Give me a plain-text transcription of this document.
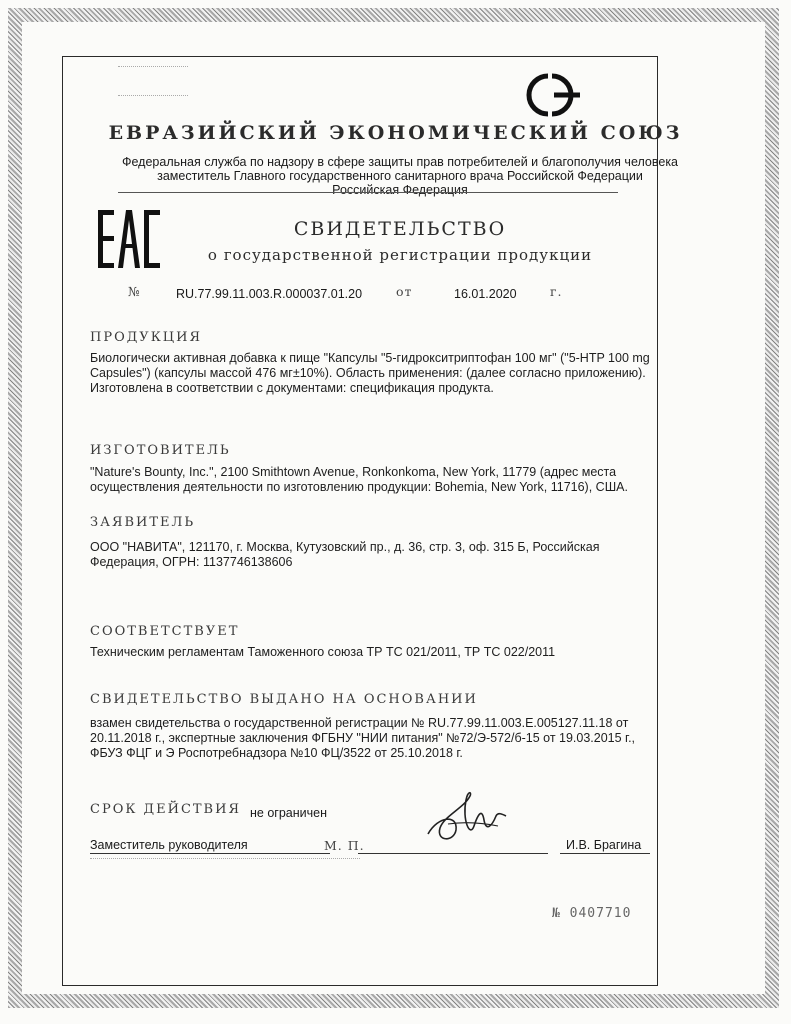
ЕВРАЗИЙСКИЙ ЭКОНОМИЧЕСКИЙ СОЮЗ
Федеральная служба по надзору в сфере защиты прав потребителей и благополучия человека
заместитель Главного государственного санитарного врача Российской Федерации
Российская Федерация
СВИДЕТЕЛЬСТВО
о государственной регистрации продукции
№	RU.77.99.11.003.R.000037.01.20	от	16.01.2020	г.
ПРОДУКЦИЯ
Биологически активная добавка к пище "Капсулы "5-гидрокситриптофан 100 мг" ("5-HTP 100 mg
Capsules") (капсулы массой 476 мг±10%). Область применения: (далее согласно приложению).
Изготовлена в соответствии с документами: спецификация продукта.
ИЗГОТОВИТЕЛЬ
"Nature's Bounty, Inc.", 2100 Smithtown Avenue, Ronkonkoma, New York, 11779 (адрес места
осуществления деятельности по изготовлению продукции: Bohemia, New York, 11716), США.
ЗАЯВИТЕЛЬ
ООО "НАВИТА", 121170, г. Москва, Кутузовский пр., д. 36, стр. 3, оф. 315 Б, Российская
Федерация, ОГРН: 1137746138606
СООТВЕТСТВУЕТ
Техническим регламентам Таможенного союза ТР ТС 021/2011, ТР ТС 022/2011
СВИДЕТЕЛЬСТВО ВЫДАНО НА ОСНОВАНИИ
взамен свидетельства о государственной регистрации № RU.77.99.11.003.E.005127.11.18 от
20.11.2018 г., экспертные заключения ФГБНУ "НИИ питания" №72/Э-572/б-15 от 19.03.2015 г.,
ФБУЗ ФЦГ и Э Роспотребнадзора №10 ФЦ/3522 от 25.10.2018 г.
СРОК ДЕЙСТВИЯ не ограничен
Заместитель руководителя	М. П.	И.В. Брагина
№ 0407710
